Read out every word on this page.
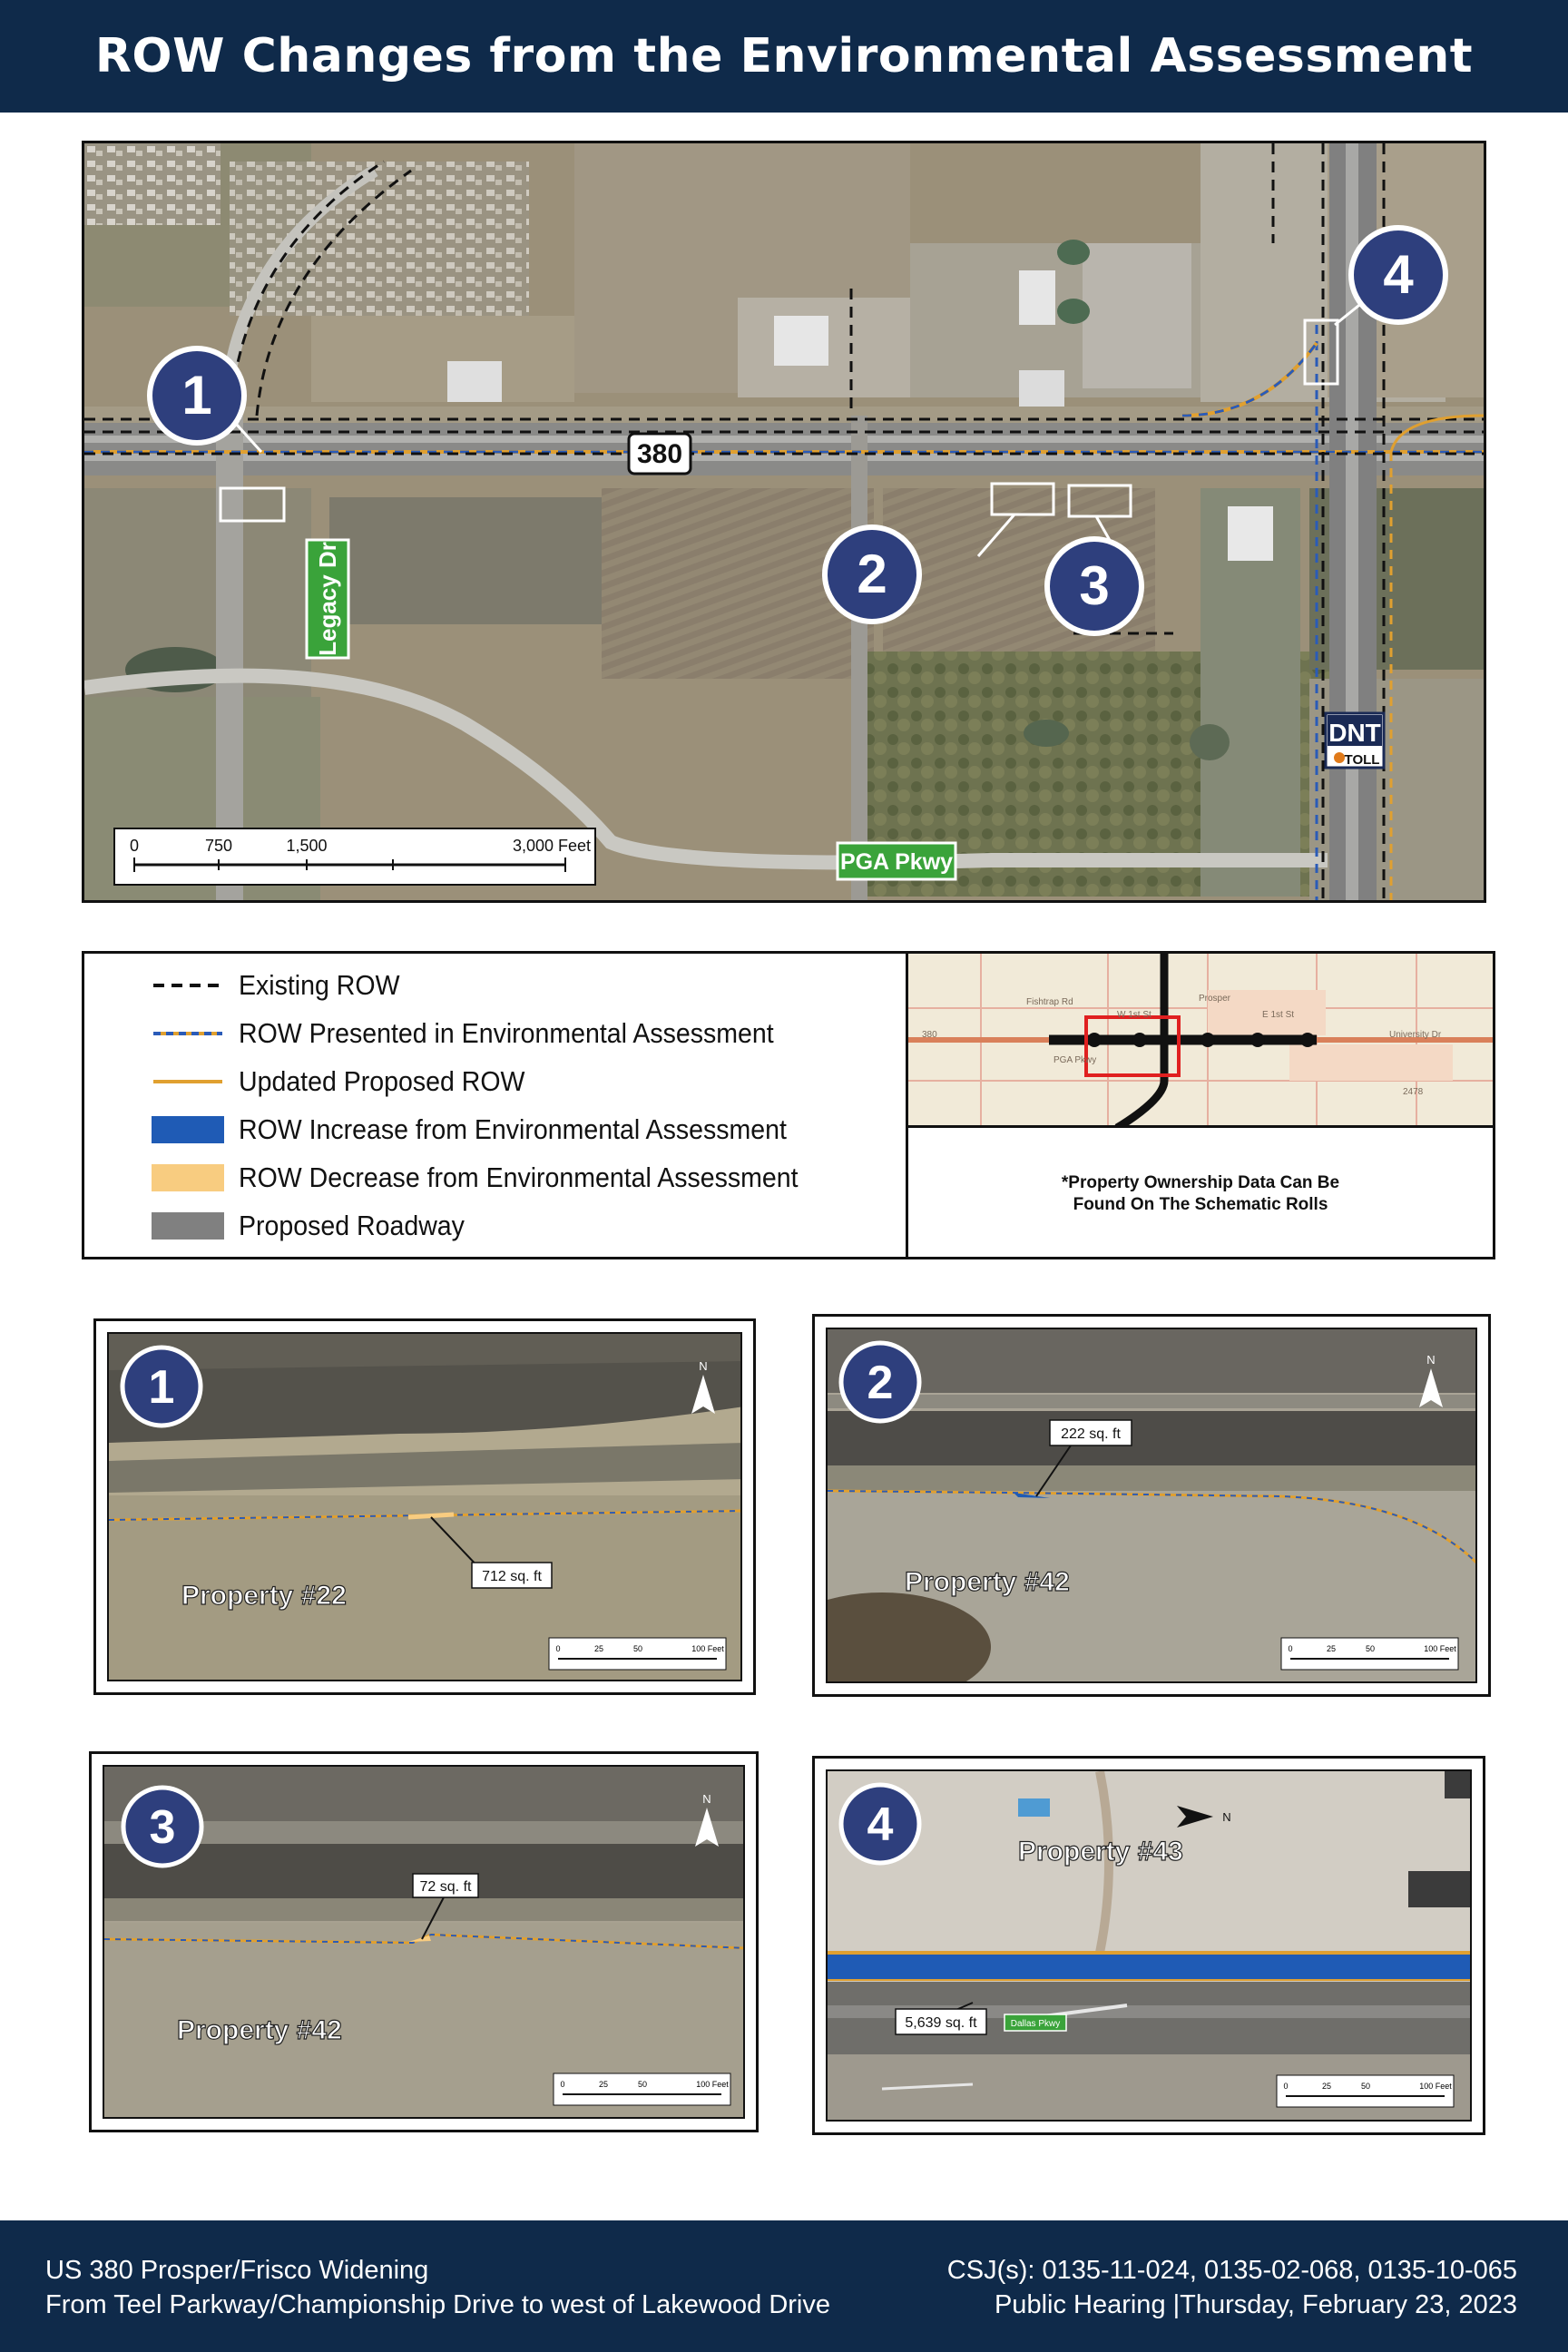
ROW Changes from the Environmental Assessment
1
2	3
4
380
Legacy Dr
PGA Pkwy
DNT
TOLL
0	750	1,500	3,000 Feet
Existing ROW
ROW Presented in Environmental Assessment
Updated Proposed ROW
ROW Increase from Environmental Assessment
ROW Decrease from Environmental Assessment
Proposed Roadway
Fishtrap Rd	Prosper
W 1st St	E 1st St
PGA Pkwy
University Dr
2478
380
*Property Ownership Data Can Be
Found On The Schematic Rolls
712 sq. ft
Property #22
N
0	25	50	100 Feet
1
222 sq. ft
Property #42
N
0	25	50	100 Feet
2
72 sq. ft
Property #42
N
0	25	50	100 Feet
3
5,639 sq. ft	Dallas Pkwy
Property #43
N
0	25	50	100 Feet
4
US 380 Prosper/Frisco Widening
From Teel Parkway/Championship Drive to west of Lakewood Drive
CSJ(s): 0135-11-024, 0135-02-068, 0135-10-065
Public Hearing |Thursday, February 23, 2023
